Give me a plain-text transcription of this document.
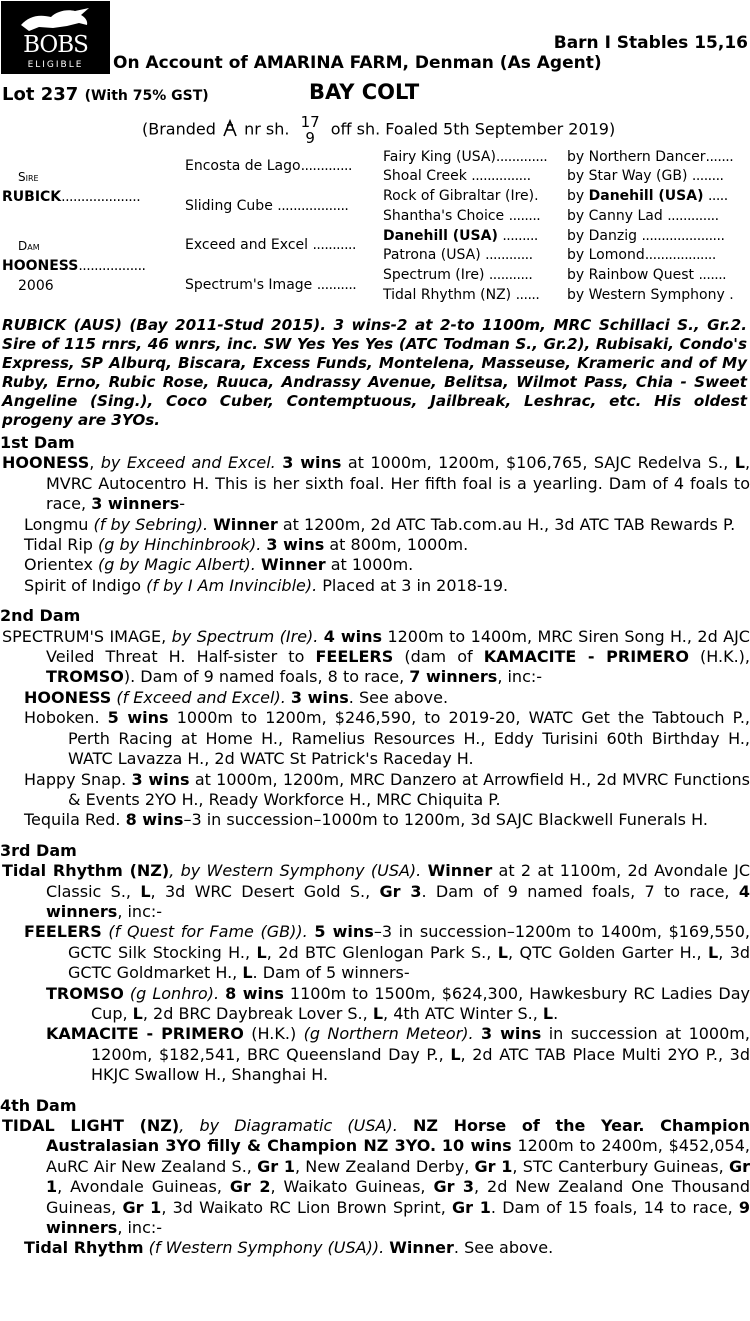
BOBS
ELIGIBLE
Barn I Stables 15,16
On Account of AMARINA FARM, Denman (As Agent)
Lot 237 (With 75% GST)	BAY COLT
(Branded nr sh. 17
9 off sh. Foaled 5th September 2019)
Sire
RUBICK....................
Dam
HOONESS.................
2006
Encosta de Lago.............
Sliding Cube ..................
Exceed and Excel ...........
Spectrum's Image ..........
Fairy King (USA).............
Shoal Creek ...............
Rock of Gibraltar (Ire).
Shantha's Choice ........
Danehill (USA) .........
Patrona (USA) ............
Spectrum (Ire) ...........
Tidal Rhythm (NZ) ......
by Northern Dancer.......
by Star Way (GB) ........
by Danehill (USA) .....
by Canny Lad .............
by Danzig .....................
by Lomond..................
by Rainbow Quest .......
by Western Symphony .
RUBICK (AUS) (Bay 2011-Stud 2015). 3 wins-2 at 2-to 1100m, MRC Schillaci S., Gr.2. Sire of 115 rnrs, 46 wnrs, inc. SW Yes Yes Yes (ATC Todman S., Gr.2), Rubisaki, Condo's Express, SP Alburq, Biscara, Excess Funds, Montelena, Masseuse, Krameric and of My Ruby, Erno, Rubic Rose, Ruuca, Andrassy Avenue, Belitsa, Wilmot Pass, Chia - Sweet Angeline (Sing.), Coco Cuber, Contemptuous, Jailbreak, Leshrac, etc. His oldest progeny are 3YOs.

1st Dam

HOONESS, by Exceed and Excel. 3 wins at 1000m, 1200m, $106,765, SAJC Redelva S., L, MVRC Autocentro H. This is her sixth foal. Her fifth foal is a yearling. Dam of 4 foals to race, 3 winners-

Longmu (f by Sebring). Winner at 1200m, 2d ATC Tab.com.au H., 3d ATC TAB Rewards P.

Tidal Rip (g by Hinchinbrook). 3 wins at 800m, 1000m.

Orientex (g by Magic Albert). Winner at 1000m.

Spirit of Indigo (f by I Am Invincible). Placed at 3 in 2018-19.

2nd Dam

SPECTRUM'S IMAGE, by Spectrum (Ire). 4 wins 1200m to 1400m, MRC Siren Song H., 2d AJC Veiled Threat H. Half-sister to FEELERS (dam of KAMACITE - PRIMERO (H.K.), TROMSO). Dam of 9 named foals, 8 to race, 7 winners, inc:-

HOONESS (f Exceed and Excel). 3 wins. See above.

Hoboken. 5 wins 1000m to 1200m, $246,590, to 2019-20, WATC Get the Tabtouch P., Perth Racing at Home H., Ramelius Resources H., Eddy Turisini 60th Birthday H., WATC Lavazza H., 2d WATC St Patrick's Raceday H.

Happy Snap. 3 wins at 1000m, 1200m, MRC Danzero at Arrowfield H., 2d MVRC Functions & Events 2YO H., Ready Workforce H., MRC Chiquita P.

Tequila Red. 8 wins–3 in succession–1000m to 1200m, 3d SAJC Blackwell Funerals H.

3rd Dam

Tidal Rhythm (NZ), by Western Symphony (USA). Winner at 2 at 1100m, 2d Avondale JC Classic S., L, 3d WRC Desert Gold S., Gr 3. Dam of 9 named foals, 7 to race, 4 winners, inc:-

FEELERS (f Quest for Fame (GB)). 5 wins–3 in succession–1200m to 1400m, $169,550, GCTC Silk Stocking H., L, 2d BTC Glenlogan Park S., L, QTC Golden Garter H., L, 3d GCTC Goldmarket H., L. Dam of 5 winners-

TROMSO (g Lonhro). 8 wins 1100m to 1500m, $624,300, Hawkesbury RC Ladies Day Cup, L, 2d BRC Daybreak Lover S., L, 4th ATC Winter S., L.

KAMACITE - PRIMERO (H.K.) (g Northern Meteor). 3 wins in succession at 1000m, 1200m, $182,541, BRC Queensland Day P., L, 2d ATC TAB Place Multi 2YO P., 3d HKJC Swallow H., Shanghai H.

4th Dam

TIDAL LIGHT (NZ), by Diagramatic (USA). NZ Horse of the Year. Champion Australasian 3YO filly & Champion NZ 3YO. 10 wins 1200m to 2400m, $452,054, AuRC Air New Zealand S., Gr 1, New Zealand Derby, Gr 1, STC Canterbury Guineas, Gr 1, Avondale Guineas, Gr 2, Waikato Guineas, Gr 3, 2d New Zealand One Thousand Guineas, Gr 1, 3d Waikato RC Lion Brown Sprint, Gr 1. Dam of 15 foals, 14 to race, 9 winners, inc:-

Tidal Rhythm (f Western Symphony (USA)). Winner. See above.
